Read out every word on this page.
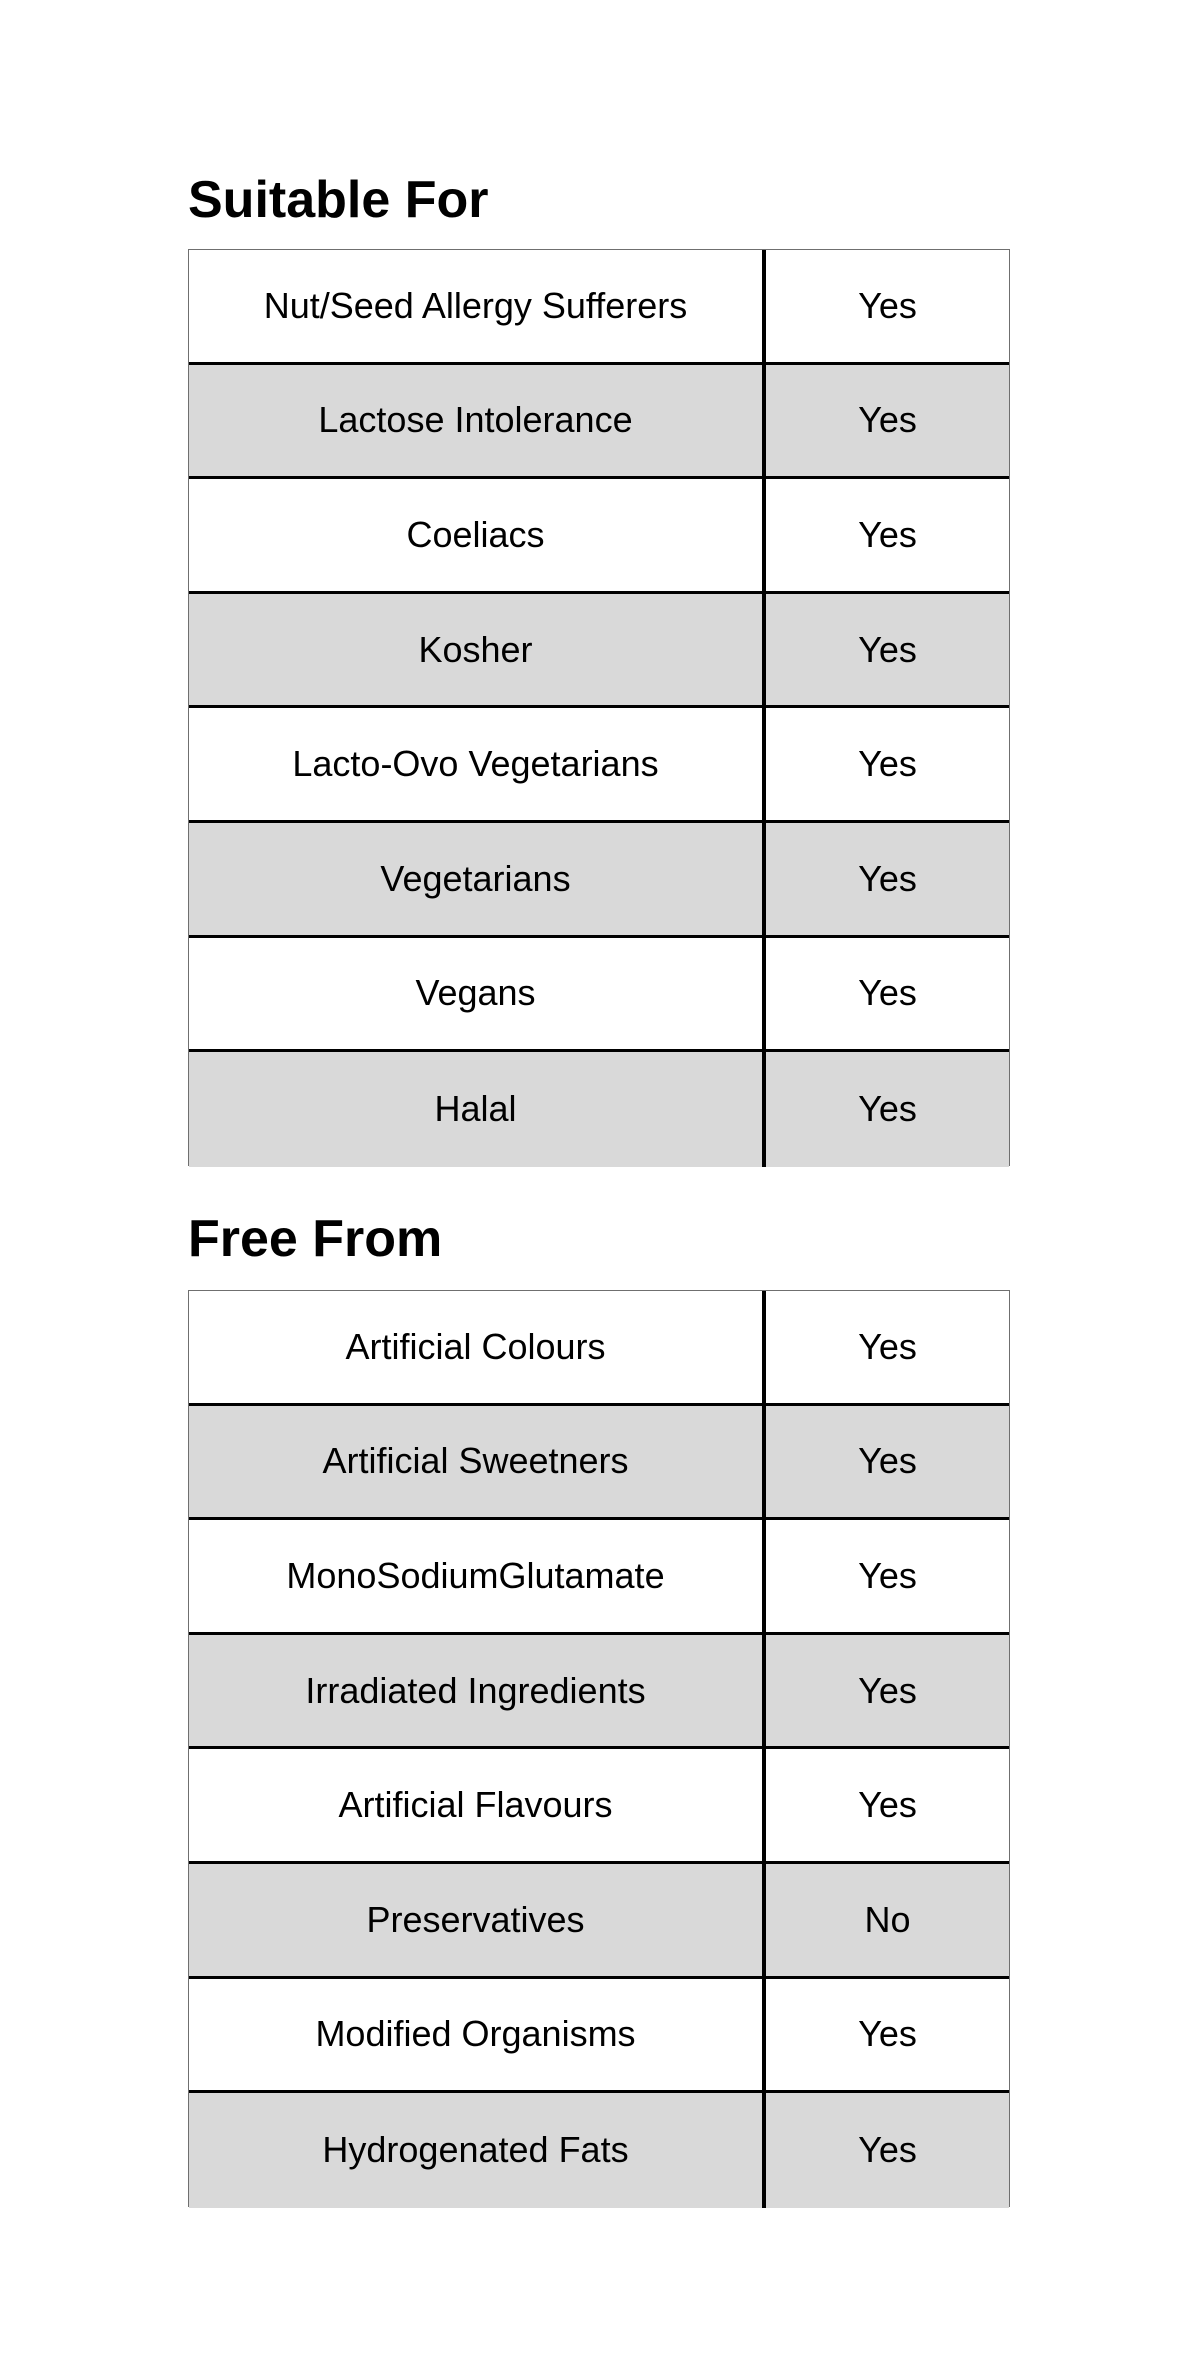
Suitable For
Nut/Seed Allergy Sufferers	Yes
Lactose Intolerance	Yes
Coeliacs	Yes
Kosher	Yes
Lacto-Ovo Vegetarians	Yes
Vegetarians	Yes
Vegans	Yes
Halal	Yes
Free From
Artificial Colours	Yes
Artificial Sweetners	Yes
MonoSodiumGlutamate	Yes
Irradiated Ingredients	Yes
Artificial Flavours	Yes
Preservatives	No
Modified Organisms	Yes
Hydrogenated Fats	Yes
